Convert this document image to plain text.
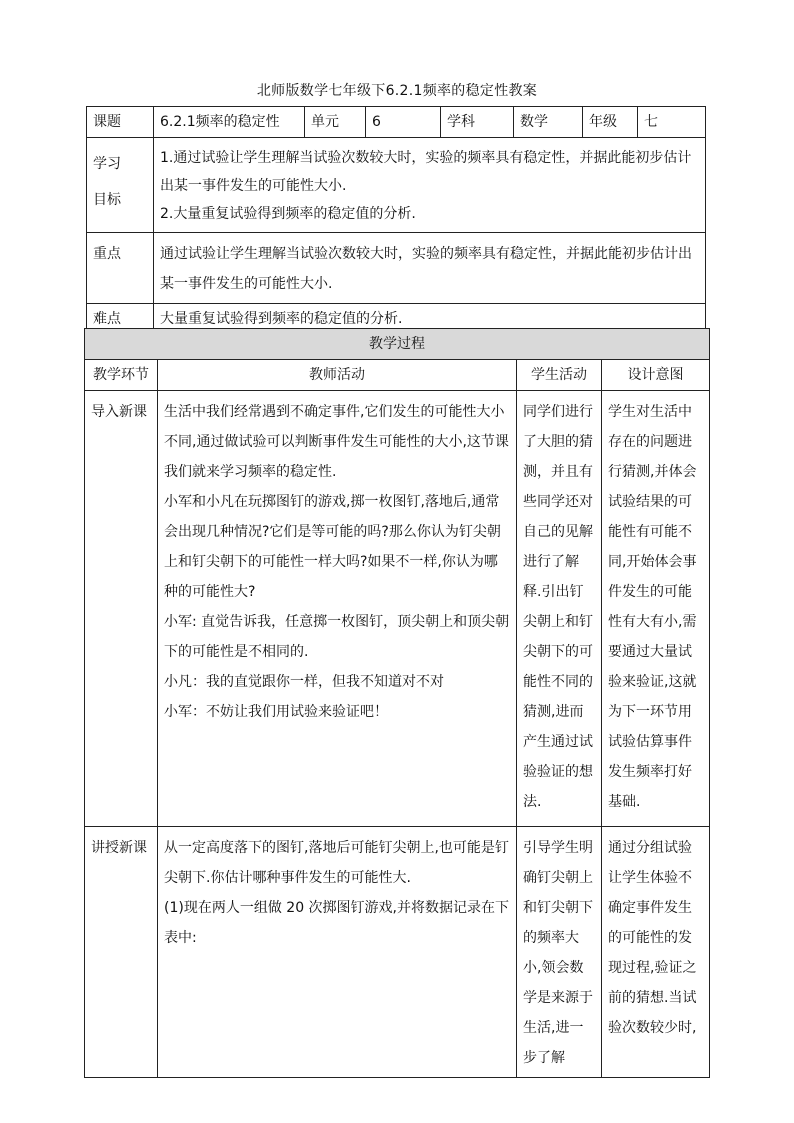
北师版数学七年级下6.2.1频率的稳定性教案
课题	6.2.1频率的稳定性	单元	6	学科	数学	年级	七

学习
目标	1.通过试验让学生理解当试验次数较大时，实验的频率具有稳定性，并据此能初步估计出某一事件发生的可能性大小.
2.大量重复试验得到频率的稳定值的分析.						

重点	通过试验让学生理解当试验次数较大时，实验的频率具有稳定性，并据此能初步估计出某一事件发生的可能性大小.						

难点	大量重复试验得到频率的稳定值的分析.						
教学过程			
教学环节	教师活动	学生活动	设计意图

导入新课	生活中我们经常遇到不确定事件,它们发生的可能性大小不同,通过做试验可以判断事件发生可能性的大小,这节课我们就来学习频率的稳定性.
小军和小凡在玩掷图钉的游戏,掷一枚图钉,落地后,通常会出现几种情况?它们是等可能的吗?那么你认为钉尖朝上和钉尖朝下的可能性一样大吗?如果不一样,你认为哪种的可能性大?
小军: 直觉告诉我，任意掷一枚图钉，顶尖朝上和顶尖朝下的可能性是不相同的.
小凡：我的直觉跟你一样，但我不知道对不对
小军：不妨让我们用试验来验证吧！	同学们进行了大胆的猜测，并且有些同学还对自己的见解进行了解释.引出钉尖朝上和钉尖朝下的可能性不同的猜测,进而产生通过试验验证的想法.	学生对生活中存在的问题进行猜测,并体会试验结果的可能性有可能不同,开始体会事件发生的可能性有大有小,需要通过大量试验来验证,这就为下一环节用试验估算事件发生频率打好基础.

讲授新课	从一定高度落下的图钉,落地后可能钉尖朝上,也可能是钉尖朝下.你估计哪种事件发生的可能性大.
(1)现在两人一组做 20 次掷图钉游戏,并将数据记录在下表中:	引导学生明确钉尖朝上和钉尖朝下的频率大小,领会数学是来源于生活,进一步了解	通过分组试验让学生体验不确定事件发生的可能性的发现过程,验证之前的猜想.当试验次数较少时,
